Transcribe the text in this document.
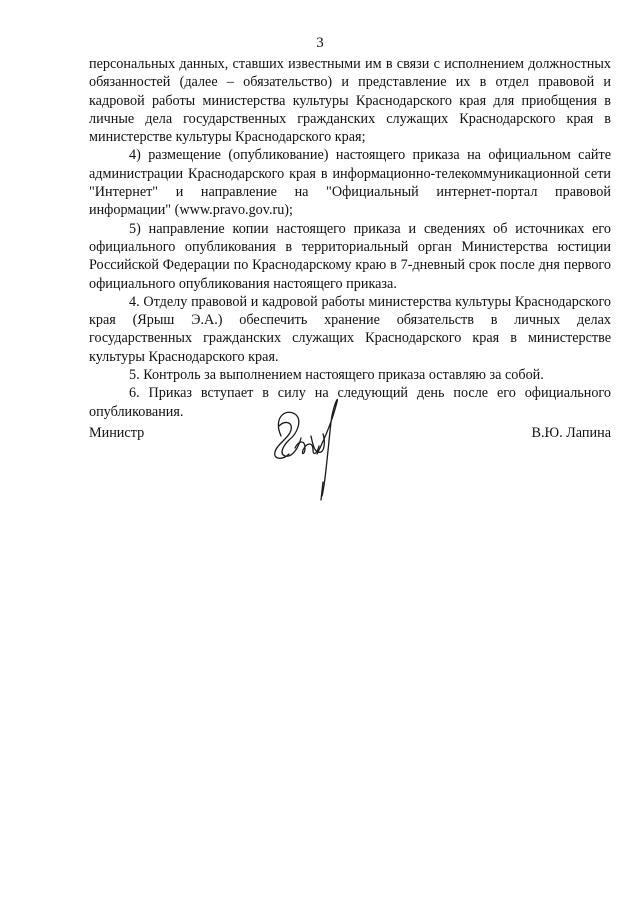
3

персональных данных, ставших известными им в связи с исполнением должностных обязанностей (далее – обязательство) и представление их в отдел правовой и кадровой работы министерства культуры Краснодарского края для приобщения в личные дела государственных гражданских служащих Краснодарского края в министерстве культуры Краснодарского края;

4) размещение (опубликование) настоящего приказа на официальном сайте администрации Краснодарского края в информационно-телекоммуникационной сети "Интернет" и направление на "Официальный интернет-портал правовой информации" (www.pravo.gov.ru);

5) направление копии настоящего приказа и сведениях об источниках его официального опубликования в территориальный орган Министерства юстиции Российской Федерации по Краснодарскому краю в 7-дневный срок после дня первого официального опубликования настоящего приказа.

4. Отделу правовой и кадровой работы министерства культуры Краснодарского края (Ярыш Э.А.) обеспечить хранение обязательств в личных делах государственных гражданских служащих Краснодарского края в министерстве культуры Краснодарского края.

5. Контроль за выполнением настоящего приказа оставляю за собой.

6. Приказ вступает в силу на следующий день после его официального опубликования.

Министр	В.Ю. Лапина
